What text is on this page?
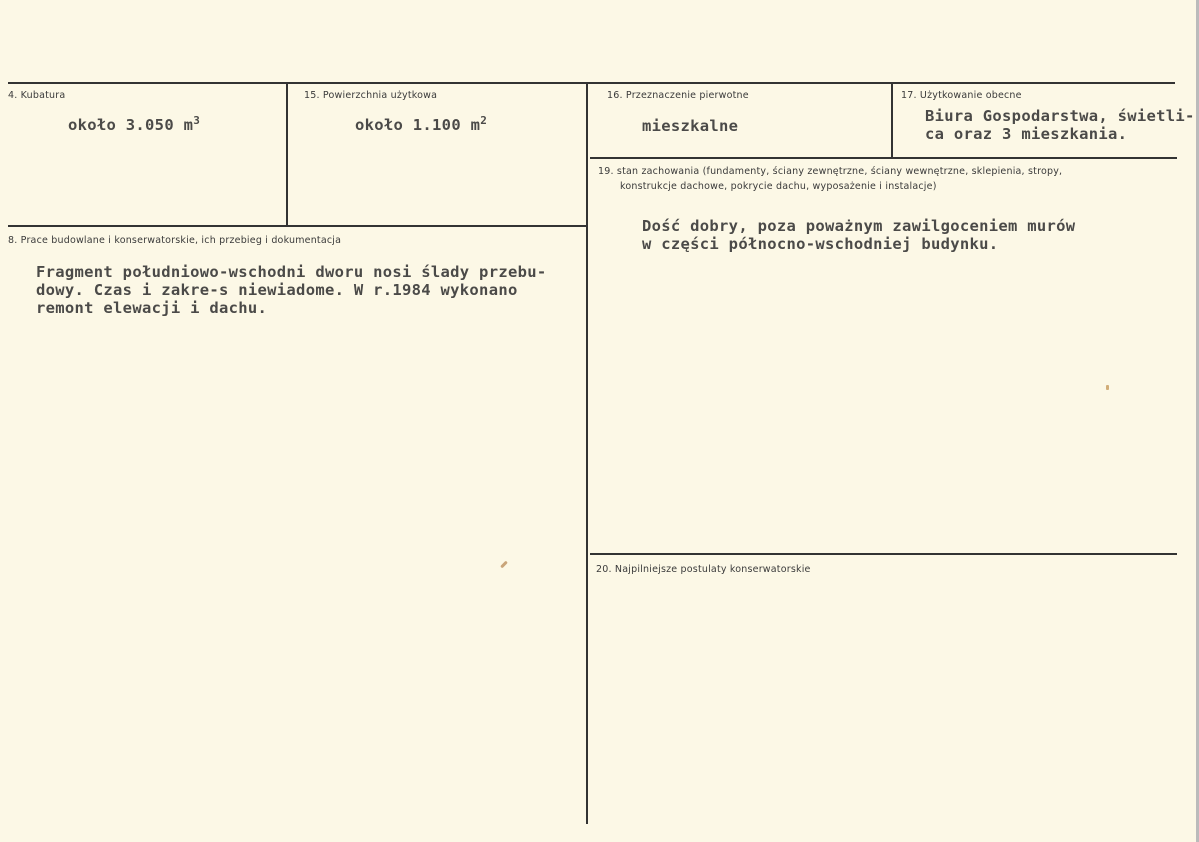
4. Kubatura
około 3.050 $m^3$
15. Powierzchnia użytkowa
około 1.100 $m^2$
16. Przeznaczenie pierwotne
mieszkalne
17. Użytkowanie obecne
Biura Gospodarstwa, świetli-
ca oraz 3 mieszkania.
19. stan zachowania (fundamenty, ściany zewnętrzne, ściany wewnętrzne, sklepienia, stropy,
konstrukcje dachowe, pokrycie dachu, wyposażenie i instalacje)
Dość dobry, poza poważnym zawilgoceniem murów
w części północno-wschodniej budynku.
8. Prace budowlane i konserwatorskie, ich przebieg i dokumentacja
Fragment południowo-wschodni dworu nosi ślady przebu-
dowy. Czas i zakre-s niewiadome. W r.1984 wykonano
remont elewacji i dachu.
20. Najpilniejsze postulaty konserwatorskie
